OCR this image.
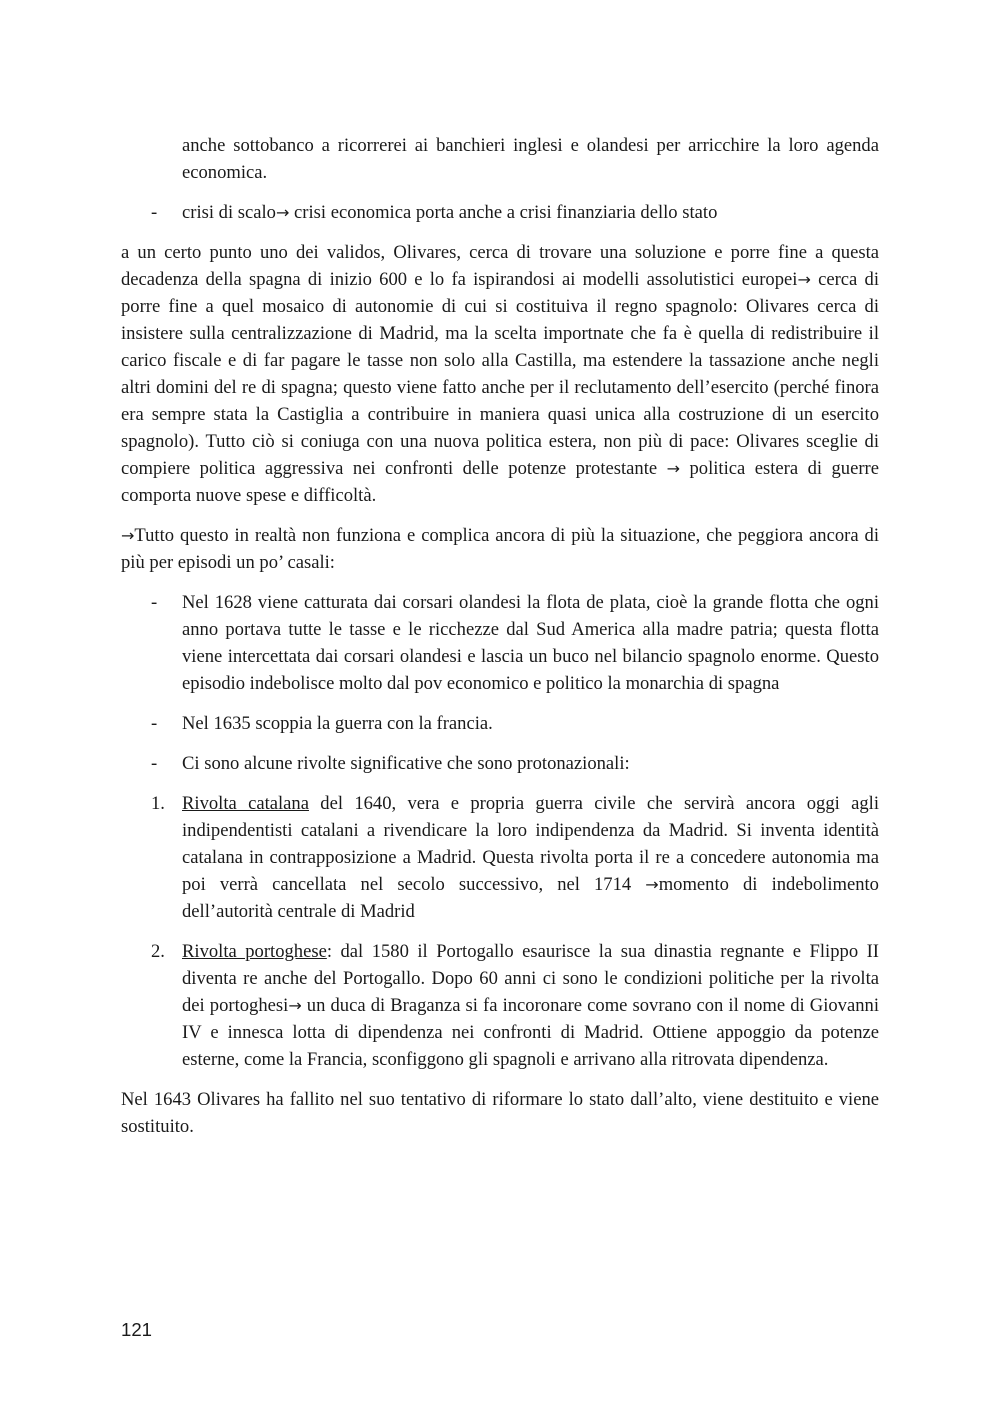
anche sottobanco a ricorrerei ai banchieri inglesi e olandesi per arricchire la loro agenda economica.

- crisi di scalo→ crisi economica porta anche a crisi finanziaria dello stato

a un certo punto uno dei validos, Olivares, cerca di trovare una soluzione e porre fine a questa decadenza della spagna di inizio 600 e lo fa ispirandosi ai modelli assolutistici europei→ cerca di porre fine a quel mosaico di autonomie di cui si costituiva il regno spagnolo: Olivares cerca di insistere sulla centralizzazione di Madrid, ma la scelta importnate che fa è quella di redistribuire il carico fiscale e di far pagare le tasse non solo alla Castilla, ma estendere la tassazione anche negli altri domini del re di spagna; questo viene fatto anche per il reclutamento dell’esercito (perché finora era sempre stata la Castiglia a contribuire in maniera quasi unica alla costruzione di un esercito spagnolo). Tutto ciò si coniuga con una nuova politica estera, non più di pace: Olivares sceglie di compiere politica aggressiva nei confronti delle potenze protestante → politica estera di guerre comporta nuove spese e difficoltà.

→Tutto questo in realtà non funziona e complica ancora di più la situazione, che peggiora ancora di più per episodi un po’ casali:

- Nel 1628 viene catturata dai corsari olandesi la flota de plata, cioè la grande flotta che ogni anno portava tutte le tasse e le ricchezze dal Sud America alla madre patria; questa flotta viene intercettata dai corsari olandesi e lascia un buco nel bilancio spagnolo enorme. Questo episodio indebolisce molto dal pov economico e politico la monarchia di spagna
- Nel 1635 scoppia la guerra con la francia.
- Ci sono alcune rivolte significative che sono protonazionali:
1. Rivolta catalana del 1640, vera e propria guerra civile che servirà ancora oggi agli indipendentisti catalani a rivendicare la loro indipendenza da Madrid. Si inventa identità catalana in contrapposizione a Madrid. Questa rivolta porta il re a concedere autonomia ma poi verrà cancellata nel secolo successivo, nel 1714 →momento di indebolimento dell’autorità centrale di Madrid
2. Rivolta portoghese: dal 1580 il Portogallo esaurisce la sua dinastia regnante e Flippo II diventa re anche del Portogallo. Dopo 60 anni ci sono le condizioni politiche per la rivolta dei portoghesi→ un duca di Braganza si fa incoronare come sovrano con il nome di Giovanni IV e innesca lotta di dipendenza nei confronti di Madrid. Ottiene appoggio da potenze esterne, come la Francia, sconfiggono gli spagnoli e arrivano alla ritrovata dipendenza.

Nel 1643 Olivares ha fallito nel suo tentativo di riformare lo stato dall’alto, viene destituito e viene sostituito.

121
